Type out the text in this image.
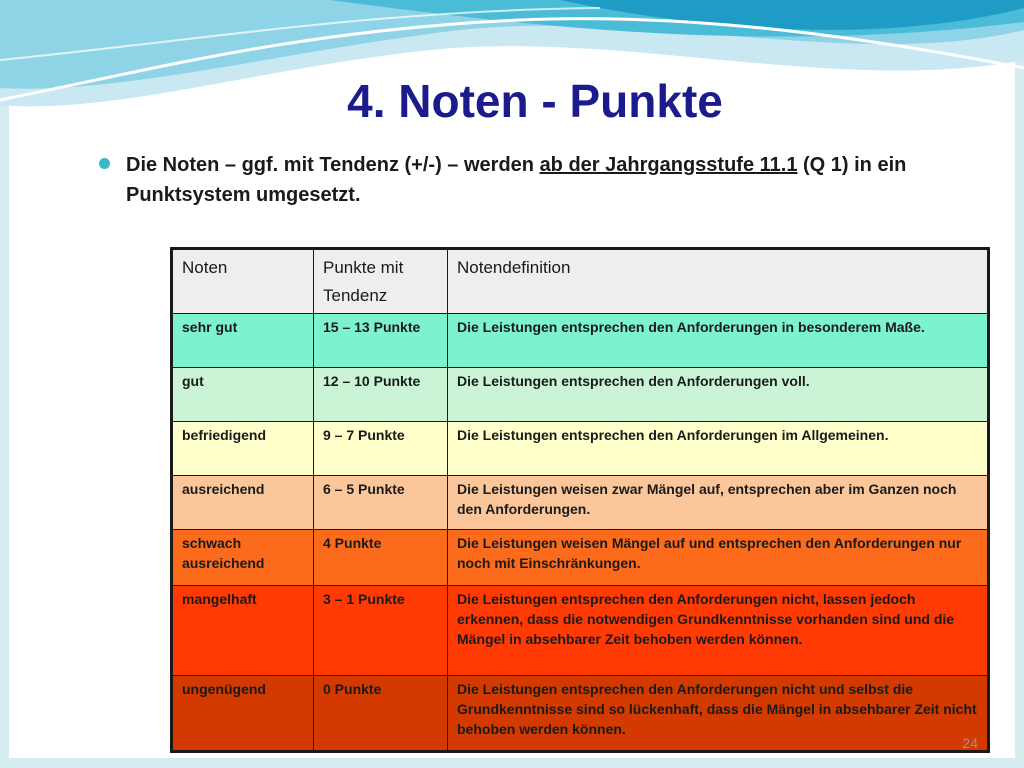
4. Noten - Punkte
Die Noten – ggf. mit Tendenz (+/-) – werden ab der Jahrgangsstufe 11.1 (Q 1) in ein Punktsystem umgesetzt.
Noten	Punkte mit Tendenz	Notendefinition
sehr gut	15 – 13 Punkte	Die Leistungen entsprechen den Anforderungen in besonderem Maße.
gut	12 – 10 Punkte	Die Leistungen entsprechen den Anforderungen voll.
befriedigend	9 – 7 Punkte	Die Leistungen entsprechen den Anforderungen im Allgemeinen.
ausreichend	6 – 5 Punkte	Die Leistungen weisen zwar Mängel auf, entsprechen aber im Ganzen noch den Anforderungen.
schwach ausreichend	4 Punkte	Die Leistungen weisen Mängel auf und entsprechen den Anforderungen nur noch mit Einschränkungen.
mangelhaft	3 – 1 Punkte	Die Leistungen entsprechen den Anforderungen nicht, lassen jedoch erkennen, dass die notwendigen Grundkenntnisse vorhanden sind und die Mängel in absehbarer Zeit behoben werden können.
ungenügend	0 Punkte	Die Leistungen entsprechen den Anforderungen nicht und selbst die Grundkenntnisse sind so lückenhaft, dass die Mängel in absehbarer Zeit nicht behoben werden können.
24
